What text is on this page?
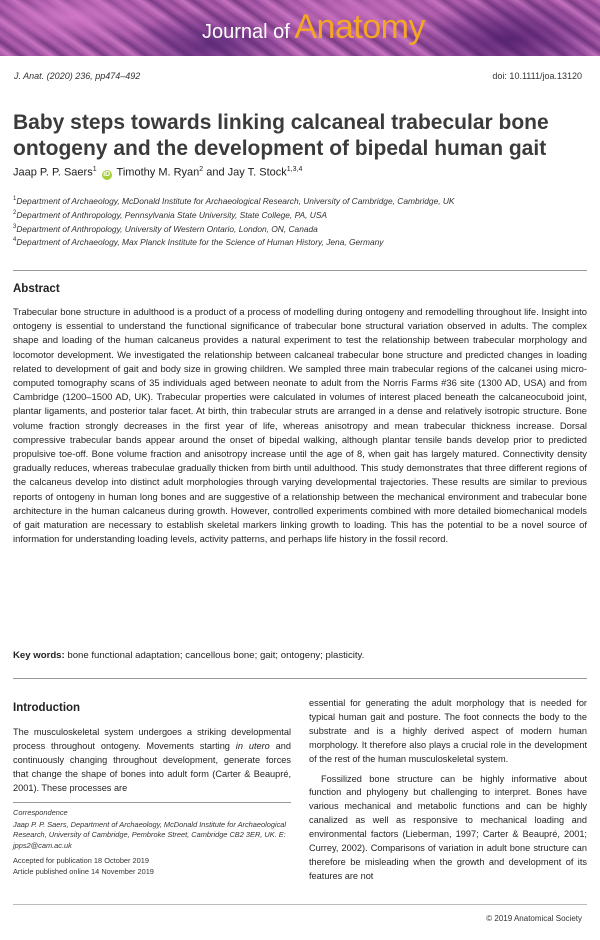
Journal of Anatomy
J. Anat. (2020) 236, pp474–492	doi: 10.1111/joa.13120
Baby steps towards linking calcaneal trabecular bone ontogeny and the development of bipedal human gait
Jaap P. P. Saers$^1$ iD Timothy M. Ryan$^2$ and Jay T. Stock$^{1,3,4}$
$^1$Department of Archaeology, McDonald Institute for Archaeological Research, University of Cambridge, Cambridge, UK
$^2$Department of Anthropology, Pennsylvania State University, State College, PA, USA
$^3$Department of Anthropology, University of Western Ontario, London, ON, Canada
$^4$Department of Archaeology, Max Planck Institute for the Science of Human History, Jena, Germany
Abstract

Trabecular bone structure in adulthood is a product of a process of modelling during ontogeny and remodelling throughout life. Insight into ontogeny is essential to understand the functional significance of trabecular bone structural variation observed in adults. The complex shape and loading of the human calcaneus provides a natural experiment to test the relationship between trabecular morphology and locomotor development. We investigated the relationship between calcaneal trabecular bone structure and predicted changes in loading related to development of gait and body size in growing children. We sampled three main trabecular regions of the calcanei using micro-computed tomography scans of 35 individuals aged between neonate to adult from the Norris Farms #36 site (1300 AD, USA) and from Cambridge (1200–1500 AD, UK). Trabecular properties were calculated in volumes of interest placed beneath the calcaneocuboid joint, plantar ligaments, and posterior talar facet. At birth, thin trabecular struts are arranged in a dense and relatively isotropic structure. Bone volume fraction strongly decreases in the first year of life, whereas anisotropy and mean trabecular thickness increase. Dorsal compressive trabecular bands appear around the onset of bipedal walking, although plantar tensile bands develop prior to predicted propulsive toe-off. Bone volume fraction and anisotropy increase until the age of 8, when gait has largely matured. Connectivity density gradually reduces, whereas trabeculae gradually thicken from birth until adulthood. This study demonstrates that three different regions of the calcaneus develop into distinct adult morphologies through varying developmental trajectories. These results are similar to previous reports of ontogeny in human long bones and are suggestive of a relationship between the mechanical environment and trabecular bone architecture in the human calcaneus during growth. However, controlled experiments combined with more detailed biomechanical models of gait maturation are necessary to establish skeletal markers linking growth to loading. This has the potential to be a novel source of information for understanding loading levels, activity patterns, and perhaps life history in the fossil record.

Key words: bone functional adaptation; cancellous bone; gait; ontogeny; plasticity.
Introduction

The musculoskeletal system undergoes a striking developmental process throughout ontogeny. Movements starting in utero and continuously changing throughout development, generate forces that change the shape of bones into adult form (Carter & Beaupré, 2001). These processes are

essential for generating the adult morphology that is needed for typical human gait and posture. The foot connects the body to the substrate and is a highly derived aspect of modern human morphology. It therefore also plays a crucial role in the development of the rest of the human musculoskeletal system.

Fossilized bone structure can be highly informative about function and phylogeny but challenging to interpret. Bones have various mechanical and metabolic functions and can be highly canalized as well as responsive to mechanical loading and environmental factors (Lieberman, 1997; Carter & Beaupré, 2001; Currey, 2002). Comparisons of variation in adult bone structure can therefore be misleading when the growth and development of its features are not

Correspondence
Jaap P. P. Saers, Department of Archaeology, McDonald Institute for Archaeological Research, University of Cambridge, Pembroke Street, Cambridge CB2 3ER, UK. E: jpps2@cam.ac.uk
Accepted for publication 18 October 2019
Article published online 14 November 2019
© 2019 Anatomical Society
